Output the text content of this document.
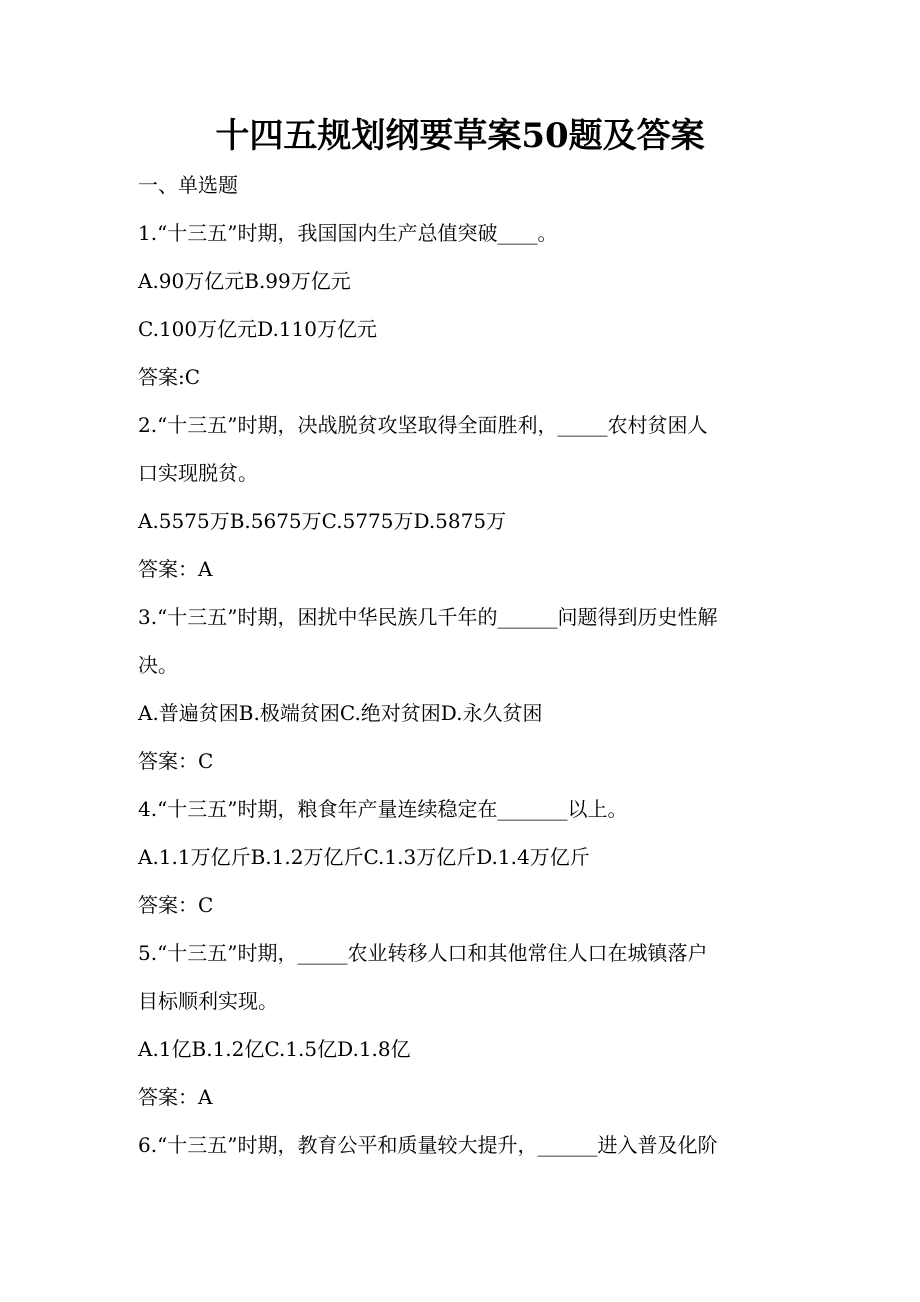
十四五规划纲要草案50题及答案
一、单选题
1.“十三五”时期，我国国内生产总值突破____。
A.90万亿元B.99万亿元
C.100万亿元D.110万亿元
答案:C
2.“十三五”时期，决战脱贫攻坚取得全面胜利，_____农村贫困人
口实现脱贫。
A.5575万B.5675万C.5775万D.5875万
答案：A
3.“十三五”时期，困扰中华民族几千年的______问题得到历史性解
决。
A.普遍贫困B.极端贫困C.绝对贫困D.永久贫困
答案：C
4.“十三五”时期，粮食年产量连续稳定在_______以上。
A.1.1万亿斤B.1.2万亿斤C.1.3万亿斤D.1.4万亿斤
答案：C
5.“十三五”时期，_____农业转移人口和其他常住人口在城镇落户
目标顺利实现。
A.1亿B.1.2亿C.1.5亿D.1.8亿
答案：A
6.“十三五”时期，教育公平和质量较大提升，______进入普及化阶
